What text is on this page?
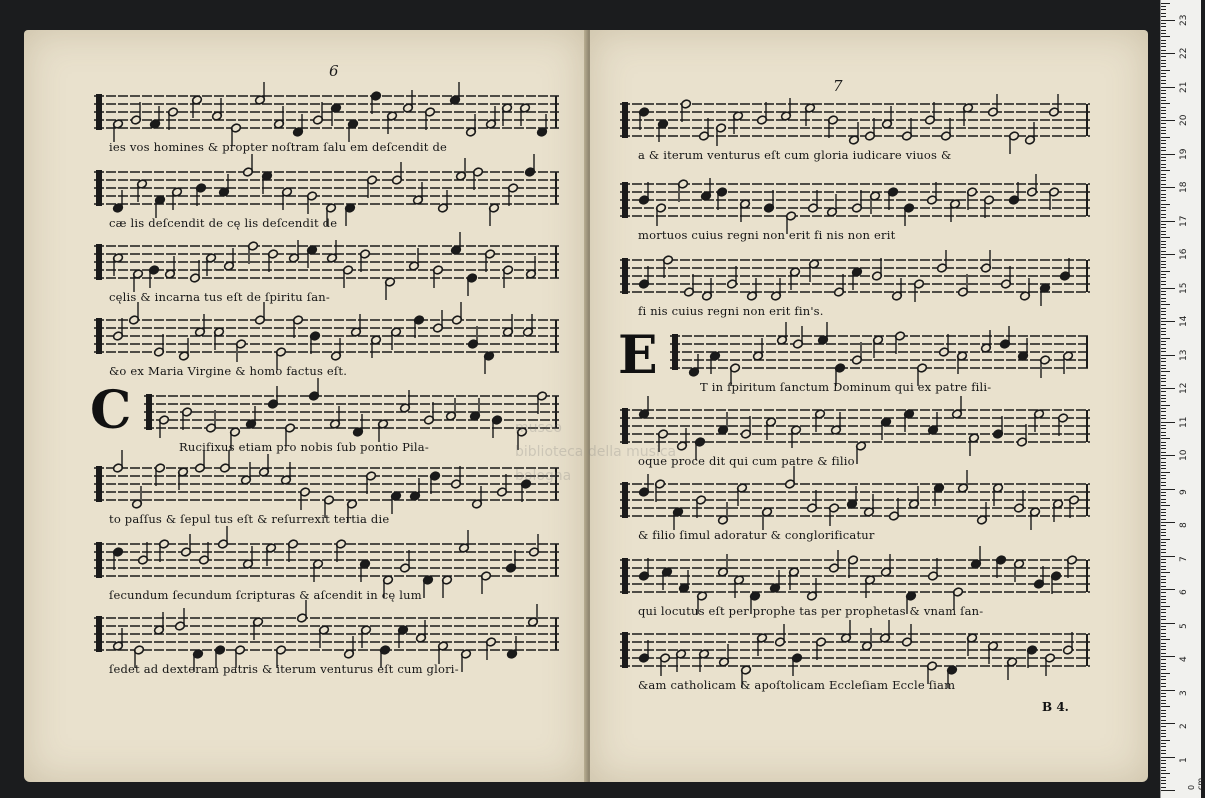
6
C
ies vos homines & propter noſtram ſalu em deſcendit de
cæ lis deſcendit de cę lis deſcendit de
cęlis & incarna tus eſt de ſpiritu ſan-
&o ex Maria Virgine & homo factus eſt.
Rucifixus etiam pro nobis ſub pontio Pila-
to paſſus & ſepul tus eſt & reſurrexit tertia die
ſecundum ſecundum ſcripturas & aſcendit in cę lum
ſedet ad dexteram patris & iterum venturus eſt cum glori-
7
E
B 4.
a & iterum venturus eſt cum gloria iudicare viuos &
mortuos cuius regni non erit fi nis non erit
fi nis cuius regni non erit fin's.
T in ſpiritum ſanctum Dominum qui ex patre fili-
oque proce dit qui cum patre & filio
& filio ſimul adoratur & conglorificatur
qui locutus eſt per prophe tas per prophetas & vnam ſan-
&am catholicam & apoſtolicam Eccleſiam Eccle ſiam
museo
biblioteca della musica
bologna
0 cm
1
2
3
4
5
6
7
8
9
10
11
12
13
14
15
16
17
18
19
20
21
22
23
